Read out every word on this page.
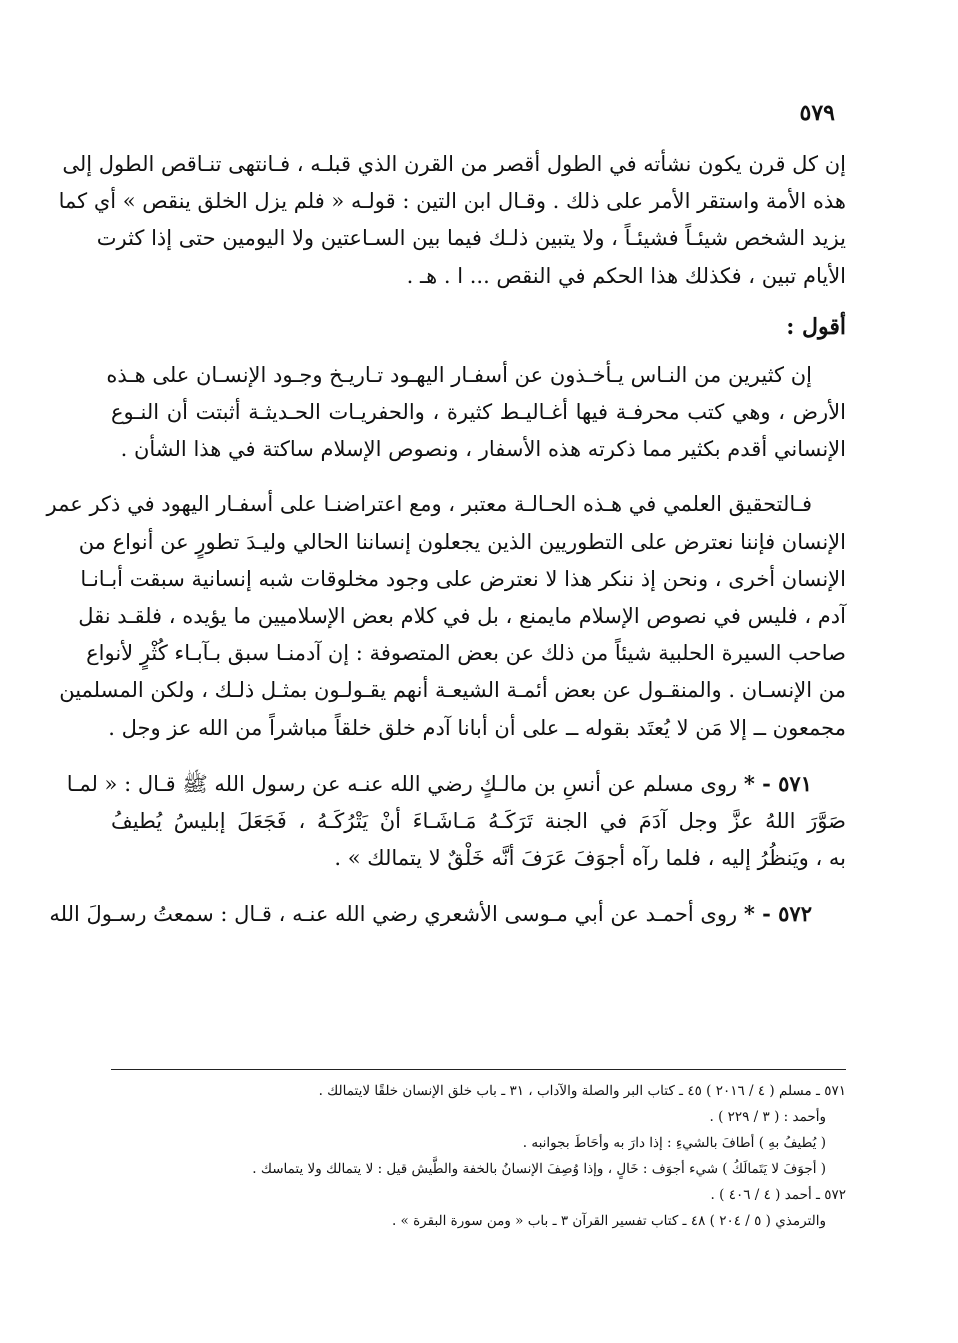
٥٧٩

إن كل قرن يكون نشأته في الطول أقصر من القرن الذي قبلـه ، فـانتهى تنـاقص الطول إلى
هذه الأمة واستقر الأمر على ذلك . وقـال ابن التين : قولـه « فلم يزل الخلق ينقص » أي كما
يزيد الشخص شيئـاً فشيئـاً ، ولا يتبين ذلـك فيما بين السـاعتين ولا اليومين حتى إذا كثرت
الأيام تبين ، فكذلك هذا الحكم في النقص ... ا . هـ .

أقول :

إن كثيرين من النـاس يـأخـذون عن أسفـار اليهـود تـاريـخ وجـود الإنسـان على هـذه
الأرض ، وهي كتب محرفـة فيها أغـاليـط كثيرة ، والحفريـات الحـديثـة أثبتت أن النـوع
الإنساني أقدم بكثير مما ذكرته هذه الأسفار ، ونصوص الإسلام ساكتة في هذا الشأن .

فـالتحقيق العلمي في هـذه الحـالـة معتبر ، ومع اعتراضنـا على أسفـار اليهود في ذكر عمر
الإنسان فإننا نعترض على التطوريين الذين يجعلون إنساننا الحالي وليـدَ تطورٍ عن أنواع من
الإنسان أخرى ، ونحن إذ ننكر هذا لا نعترض على وجود مخلوقات شبه إنسانية سبقت أبـانـا
آدم ، فليس في نصوص الإسلام مايمنع ، بل في كلام بعض الإسلاميين ما يؤيده ، فلقـد نقل
صاحب السيرة الحلبية شيئاً من ذلك عن بعض المتصوفة : إن آدمنـا سبق بـآبـاء كُثْرٍ لأنواع
من الإنسـان . والمنقـول عن بعض أئمـة الشيعـة أنهم يقـولـون بمثـل ذلـك ، ولكن المسلمين
مجمعون ــ إلا مَن لا يُعتَد بقوله ــ على أن أبانا آدم خلق خلقاً مباشراً من الله عز وجل .

٥٧١ - * روى مسلم عن أنسِ بن مالـكٍ رضي الله عنـه عن رسول الله ﷺ قـال : « لمـا
صَوَّرَ اللهُ عزَّ وجل آدَمَ في الجنة تَرَكَـهُ مَـاشَـاءَ أنْ يَتْرُكَـهُ ، فَجَعَلَ إبليسُ يُطيفُ
به ، ويَنظُرُ إليه ، فلما رآه أجوَفَ عَرَفَ أنَّه خَلْقٌ لا يتمالك » .

٥٧٢ - * روى أحمـد عن أبي مـوسى الأشعري رضي الله عنـه ، قـال : سمعتُ رسـولَ الله

٥٧١ ـ مسلم ( ٤ / ٢٠١٦ ) ٤٥ ـ كتاب البر والصلة والآداب ، ٣١ ـ باب خلق الإنسان خلقًا لايتمالك .
وأحمد : ( ٣ / ٢٢٩ ) .
( يُطيفُ بهِ ) أطافَ بالشيءِ : إذا دارَ به وأحَاطَ بجوانبه .
( أجوَفَ لا يَتَمالَكُ ) شيء أجوَف : خَالٍ ، وإذا وُصِفَ الإنسانُ بالخفة والطَّيش قيل : لا يتمالك ولا يتماسك .
٥٧٢ ـ أحمد ( ٤ / ٤٠٦ ) .
والترمذي ( ٥ / ٢٠٤ ) ٤٨ ـ كتاب تفسير القرآن ٣ ـ باب « ومن سورة البقرة » .
